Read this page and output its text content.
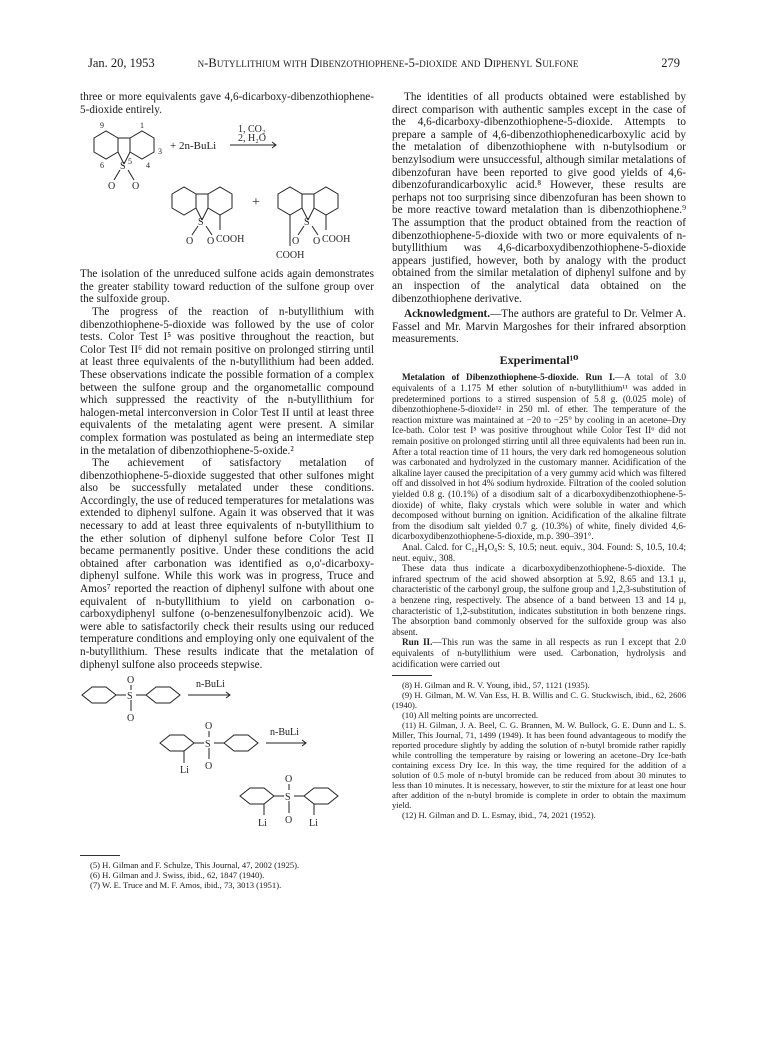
Jan. 20, 1953	n-Butyllithium with Dibenzothiophene-5-dioxide and Diphenyl Sulfone	279

three or more equivalents gave 4,6-dicarboxy-dibenzothiophene-5-dioxide entirely.

9	1
3
4
6	5
S
O O
+ 2n-BuLi
1, CO₂
2, H₂O
S
O O COOH
+
S
O O COOH
COOH

The isolation of the unreduced sulfone acids again demonstrates the greater stability toward reduction of the sulfone group over the sulfoxide group.

The progress of the reaction of n-butyllithium with dibenzothiophene-5-dioxide was followed by the use of color tests. Color Test I⁵ was positive throughout the reaction, but Color Test II⁶ did not remain positive on prolonged stirring until at least three equivalents of the n-butyllithium had been added. These observations indicate the possible formation of a complex between the sulfone group and the organometallic compound which suppressed the reactivity of the n-butyllithium for halogen-metal interconversion in Color Test II until at least three equivalents of the metalating agent were present. A similar complex formation was postulated as being an intermediate step in the metalation of dibenzothiophene-5-oxide.²

The achievement of satisfactory metalation of dibenzothiophene-5-dioxide suggested that other sulfones might also be successfully metalated under these conditions. Accordingly, the use of reduced temperatures for metalations was extended to diphenyl sulfone. Again it was observed that it was necessary to add at least three equivalents of n-butyllithium to the ether solution of diphenyl sulfone before Color Test II became permanently positive. Under these conditions the acid obtained after carbonation was identified as o,o'-dicarboxy-diphenyl sulfone. While this work was in progress, Truce and Amos⁷ reported the reaction of diphenyl sulfone with about one equivalent of n-butyllithium to yield on carbonation o-carboxydiphenyl sulfone (o-benzenesulfonylbenzoic acid). We were able to satisfactorily check their results using our reduced temperature conditions and employing only one equivalent of the n-butyllithium. These results indicate that the metalation of diphenyl sulfone also proceeds stepwise.

O
S
O
n-BuLi
O
S
O
Li
n-BuLi
O
S
O
Li	Li

(5) H. Gilman and F. Schulze, This Journal, 47, 2002 (1925).

(6) H. Gilman and J. Swiss, ibid., 62, 1847 (1940).

(7) W. E. Truce and M. F. Amos, ibid., 73, 3013 (1951).

The identities of all products obtained were established by direct comparison with authentic samples except in the case of the 4,6-dicarboxy-dibenzothiophene-5-dioxide. Attempts to prepare a sample of 4,6-dibenzothiophenedicarboxylic acid by the metalation of dibenzothiophene with n-butylsodium or benzylsodium were unsuccessful, although similar metalations of dibenzofuran have been reported to give good yields of 4,6-dibenzofurandicarboxylic acid.⁸ However, these results are perhaps not too surprising since dibenzofuran has been shown to be more reactive toward metalation than is dibenzothiophene.⁹ The assumption that the product obtained from the reaction of dibenzothiophene-5-dioxide with two or more equivalents of n-butyllithium was 4,6-dicarboxydibenzothiophene-5-dioxide appears justified, however, both by analogy with the product obtained from the similar metalation of diphenyl sulfone and by an inspection of the analytical data obtained on the dibenzothiophene derivative.

Acknowledgment.—The authors are grateful to Dr. Velmer A. Fassel and Mr. Marvin Margoshes for their infrared absorption measurements.

Experimental¹⁰

Metalation of Dibenzothiophene-5-dioxide. Run I.—A total of 3.0 equivalents of a 1.175 M ether solution of n-butyllithium¹¹ was added in predetermined portions to a stirred suspension of 5.8 g. (0.025 mole) of dibenzothiophene-5-dioxide¹² in 250 ml. of ether. The temperature of the reaction mixture was maintained at −20 to −25° by cooling in an acetone–Dry Ice-bath. Color test I⁵ was positive throughout while Color Test II⁶ did not remain positive on prolonged stirring until all three equivalents had been run in. After a total reaction time of 11 hours, the very dark red homogeneous solution was carbonated and hydrolyzed in the customary manner. Acidification of the alkaline layer caused the precipitation of a very gummy acid which was filtered off and dissolved in hot 4% sodium hydroxide. Filtration of the cooled solution yielded 0.8 g. (10.1%) of a disodium salt of a dicarboxydibenzothiophene-5-dioxide) of white, flaky crystals which were soluble in water and which decomposed without burning on ignition. Acidification of the alkaline filtrate from the disodium salt yielded 0.7 g. (10.3%) of white, finely divided 4,6-dicarboxydibenzothiophene-5-dioxide, m.p. 390–391°.

Anal. Calcd. for C₁₄H₈O₆S: S, 10.5; neut. equiv., 304. Found: S, 10.5, 10.4; neut. equiv., 308.

These data thus indicate a dicarboxydibenzothiophene-5-dioxide. The infrared spectrum of the acid showed absorption at 5.92, 8.65 and 13.1 μ, characteristic of the carbonyl group, the sulfone group and 1,2,3-substitution of a benzene ring, respectively. The absence of a band between 13 and 14 μ, characteristic of 1,2-substitution, indicates substitution in both benzene rings. The absorption band commonly observed for the sulfoxide group was also absent.

Run II.—This run was the same in all respects as run I except that 2.0 equivalents of n-butyllithium were used. Carbonation, hydrolysis and acidification were carried out

(8) H. Gilman and R. V. Young, ibid., 57, 1121 (1935).

(9) H. Gilman, M. W. Van Ess, H. B. Willis and C. G. Stuckwisch, ibid., 62, 2606 (1940).

(10) All melting points are uncorrected.

(11) H. Gilman, J. A. Beel, C. G. Brannen, M. W. Bullock, G. E. Dunn and L. S. Miller, This Journal, 71, 1499 (1949). It has been found advantageous to modify the reported procedure slightly by adding the solution of n-butyl bromide rather rapidly while controlling the temperature by raising or lowering an acetone–Dry Ice-bath containing excess Dry Ice. In this way, the time required for the addition of a solution of 0.5 mole of n-butyl bromide can be reduced from about 30 minutes to less than 10 minutes. It is necessary, however, to stir the mixture for at least one hour after addition of the n-butyl bromide is complete in order to obtain the maximum yield.

(12) H. Gilman and D. L. Esmay, ibid., 74, 2021 (1952).
